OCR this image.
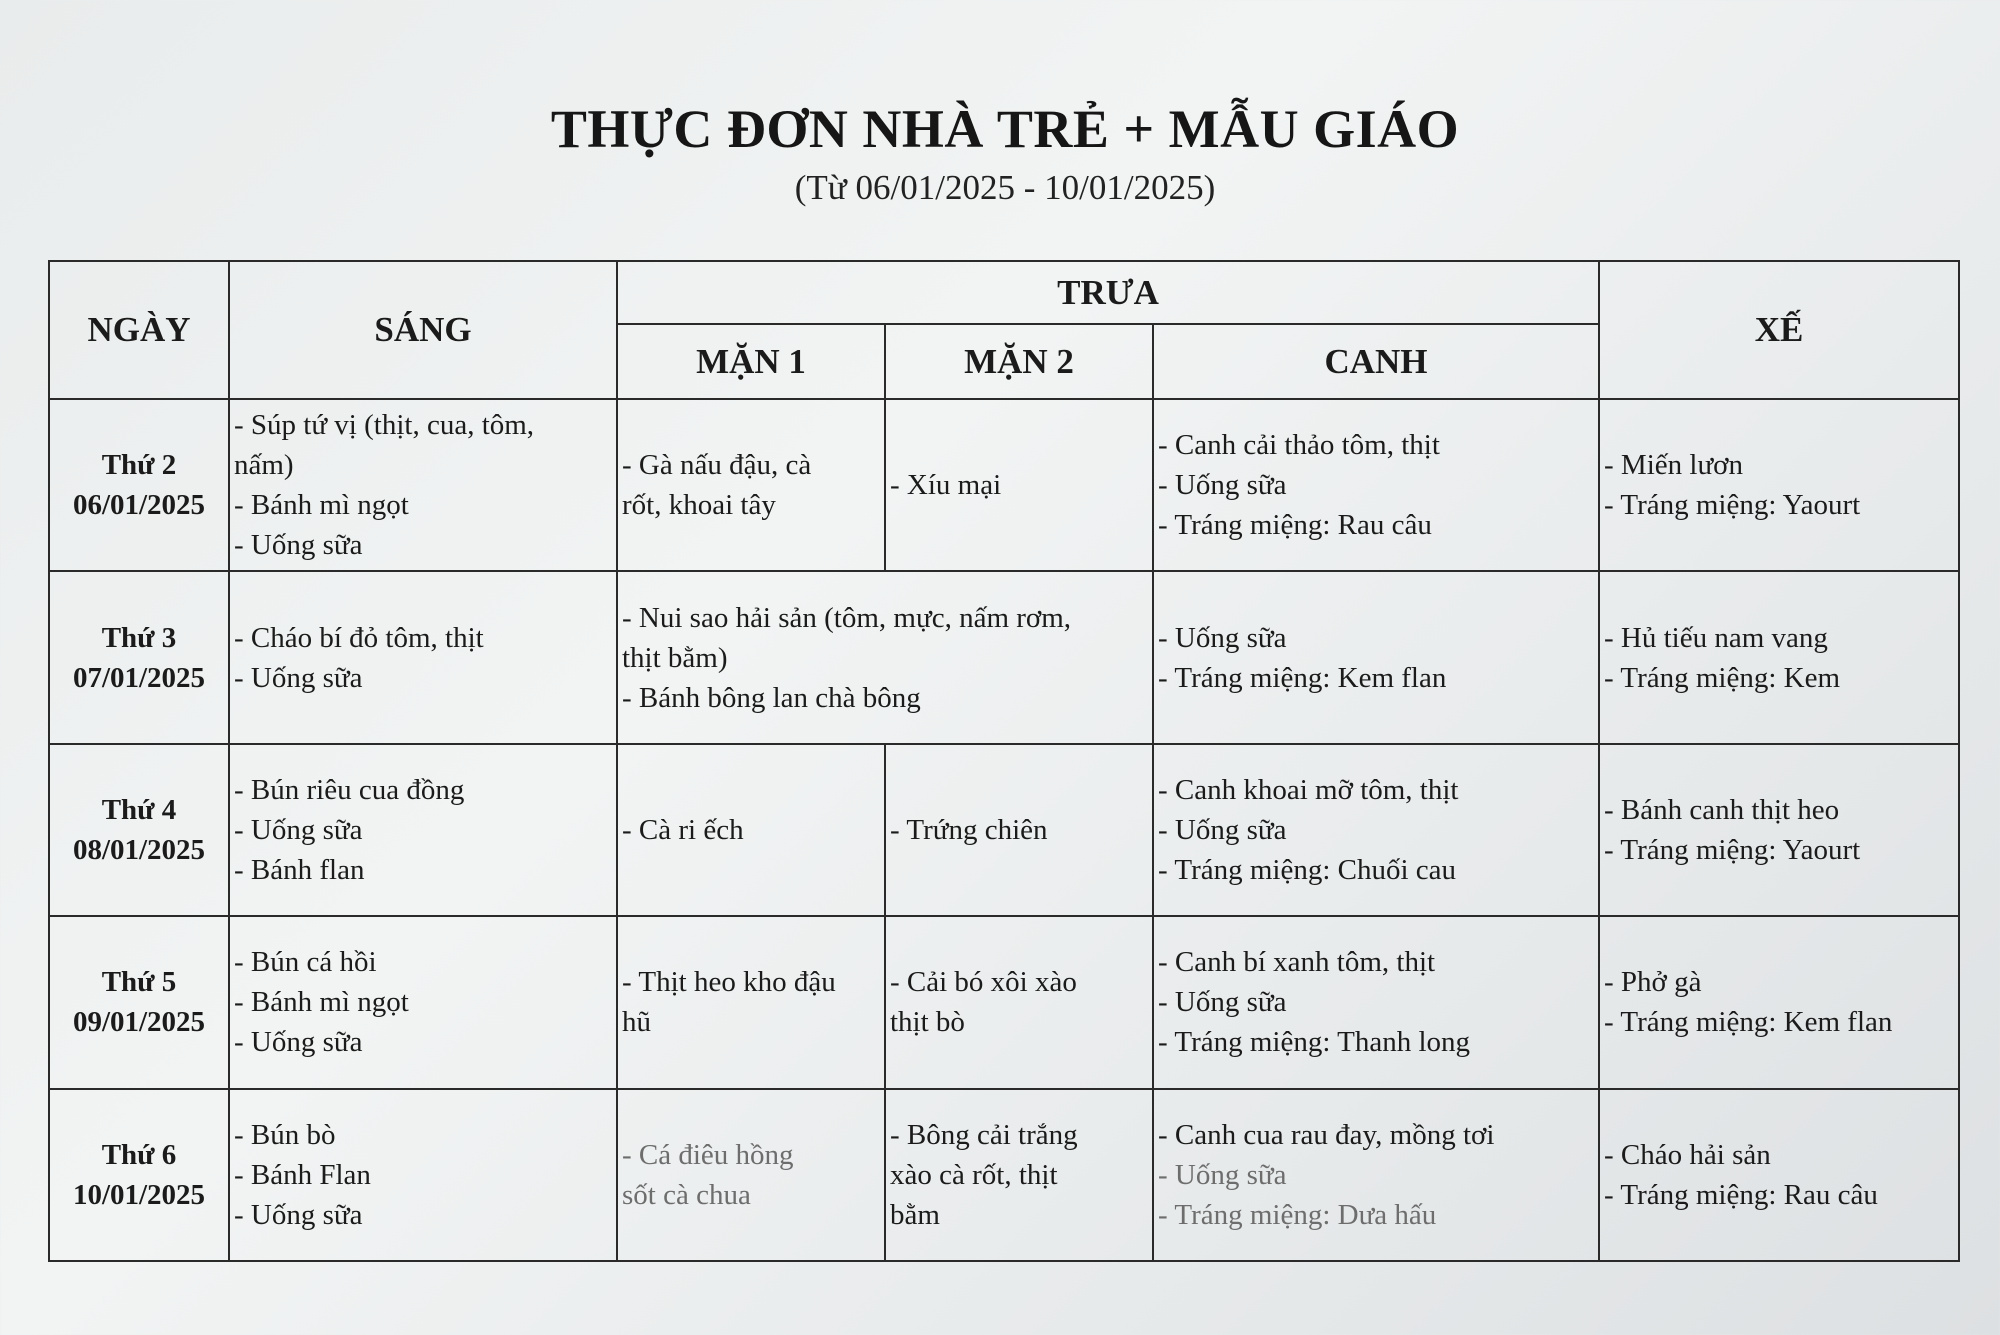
THỰC ĐƠN NHÀ TRẺ + MẪU GIÁO
(Từ 06/01/2025 - 10/01/2025)
NGÀY	SÁNG	TRƯA			XẾ
		MẶN 1	MẶN 2	CANH	

Thứ 2
06/01/2025	- Súp tứ vị (thịt, cua, tôm,
nấm)
- Bánh mì ngọt
- Uống sữa	- Gà nấu đậu, cà
rốt, khoai tây	- Xíu mại	- Canh cải thảo tôm, thịt
- Uống sữa
- Tráng miệng: Rau câu	- Miến lươn
- Tráng miệng: Yaourt

Thứ 3
07/01/2025	- Cháo bí đỏ tôm, thịt
- Uống sữa	- Nui sao hải sản (tôm, mực, nấm rơm,
thịt bằm)
- Bánh bông lan chà bông		- Uống sữa
- Tráng miệng: Kem flan	- Hủ tiếu nam vang
- Tráng miệng: Kem

Thứ 4
08/01/2025	- Bún riêu cua đồng
- Uống sữa
- Bánh flan	- Cà ri ếch	- Trứng chiên	- Canh khoai mỡ tôm, thịt
- Uống sữa
- Tráng miệng: Chuối cau	- Bánh canh thịt heo
- Tráng miệng: Yaourt

Thứ 5
09/01/2025	- Bún cá hồi
- Bánh mì ngọt
- Uống sữa	- Thịt heo kho đậu
hũ	- Cải bó xôi xào
thịt bò	- Canh bí xanh tôm, thịt
- Uống sữa
- Tráng miệng: Thanh long	- Phở gà
- Tráng miệng: Kem flan

Thứ 6
10/01/2025	- Bún bò
- Bánh Flan
- Uống sữa	- Cá điêu hồng
sốt cà chua	- Bông cải trắng
xào cà rốt, thịt
bằm	- Canh cua rau đay, mồng tơi
- Uống sữa
- Tráng miệng: Dưa hấu	- Cháo hải sản
- Tráng miệng: Rau câu
